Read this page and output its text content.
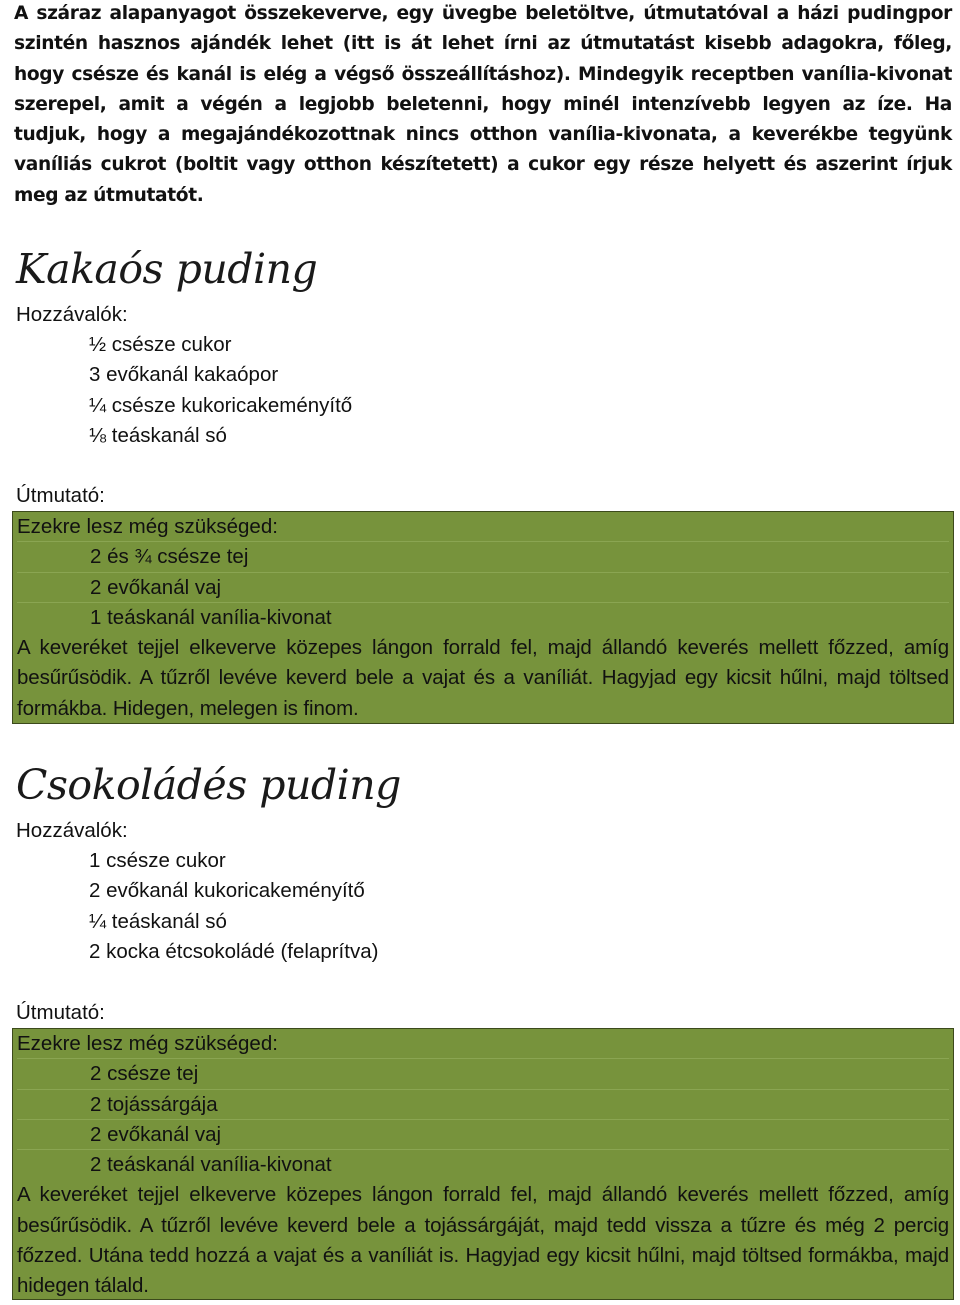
A száraz alapanyagot összekeverve, egy üvegbe beletöltve, útmutatóval a házi pudingpor szintén hasznos ajándék lehet (itt is át lehet írni az útmutatást kisebb adagokra, főleg, hogy csésze és kanál is elég a végső összeállításhoz). Mindegyik receptben vanília-kivonat szerepel, amit a végén a legjobb beletenni, hogy minél intenzívebb legyen az íze. Ha tudjuk, hogy a megajándékozottnak nincs otthon vanília-kivonata, a keverékbe tegyünk vaníliás cukrot (boltit vagy otthon készítetett) a cukor egy része helyett és aszerint írjuk meg az útmutatót.

Kakaós puding

Hozzávalók:

½ csésze cukor
3 evőkanál kakaópor
¼ csésze kukoricakeményítő
⅛ teáskanál só

Útmutató:

Ezekre lesz még szükséged:

2 és ¾ csésze tej

2 evőkanál vaj

1 teáskanál vanília-kivonat

A keveréket tejjel elkeverve közepes lángon forrald fel, majd állandó keverés mellett főzzed, amíg besűrűsödik. A tűzről levéve keverd bele a vajat és a vaníliát. Hagyjad egy kicsit hűlni, majd töltsed formákba. Hidegen, melegen is finom.

Csokoládés puding

Hozzávalók:

1 csésze cukor
2 evőkanál kukoricakeményítő
¼ teáskanál só
2 kocka étcsokoládé (felaprítva)

Útmutató:

Ezekre lesz még szükséged:

2 csésze tej

2 tojássárgája

2 evőkanál vaj

2 teáskanál vanília-kivonat

A keveréket tejjel elkeverve közepes lángon forrald fel, majd állandó keverés mellett főzzed, amíg besűrűsödik. A tűzről levéve keverd bele a tojássárgáját, majd tedd vissza a tűzre és még 2 percig főzzed. Utána tedd hozzá a vajat és a vaníliát is. Hagyjad egy kicsit hűlni, majd töltsed formákba, majd hidegen tálald.
